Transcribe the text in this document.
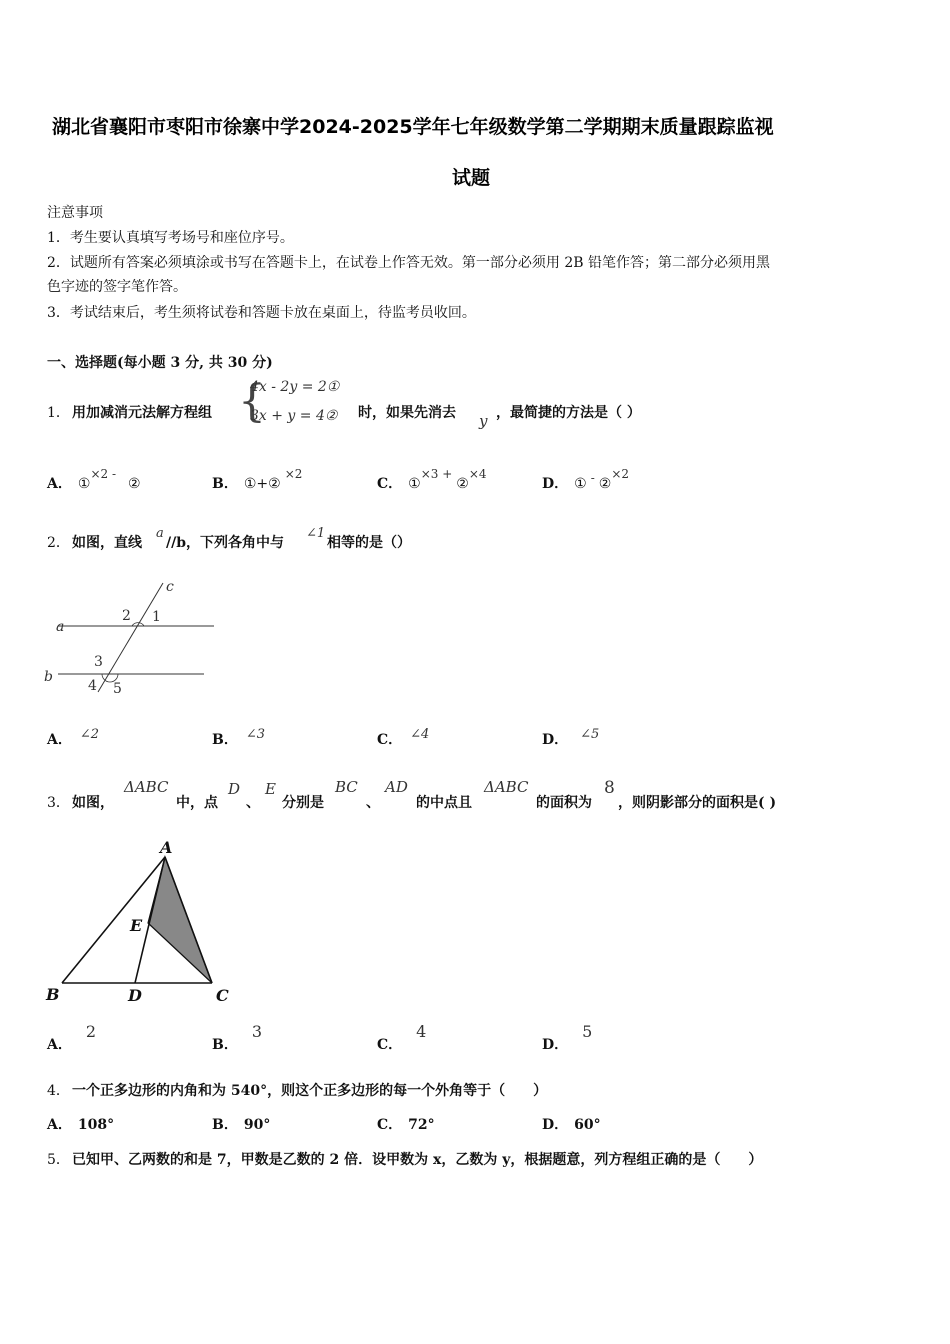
湖北省襄阳市枣阳市徐寨中学2024-2025学年七年级数学第二学期期末质量跟踪监视
试题
注意事项
1．考生要认真填写考场号和座位序号。
2．试题所有答案必须填涂或书写在答题卡上，在试卷上作答无效。第一部分必须用 2B 铅笔作答；第二部分必须用黑
色字迹的签字笔作答。
3．考试结束后，考生须将试卷和答题卡放在桌面上，待监考员收回。
一、选择题(每小题 3 分, 共 30 分)
1． 用加减消元法解方程组 {
4x - 2y = 2①
3x + y = 4② 时，如果先消去 y ，最简捷的方法是（ ）
A． ①×2 -②	B． ①+②×2
C． ①×3 +②×4
D． ① - ②×2
2． 如图，直线
a
//b，下列各角中与
∠1
相等的是（）
c
a
b
2 1
3
4 5
A． ∠2	B． ∠3	C． ∠4	D． ∠5
3． 如图，
ΔABC
中，点
D
、
E
分别是
BC
、
AD
的中点且
ΔABC
的面积为
8
，则阴影部分的面积是( )
A
B	C
D
E
A．2
B．3
C．4
D．5
4． 一个正多边形的内角和为 540°，则这个正多边形的每一个外角等于（　　）
A． 108°	B． 90°	C． 72°	D． 60°
5． 已知甲、乙两数的和是 7，甲数是乙数的 2 倍．设甲数为 x，乙数为 y，根据题意，列方程组正确的是（　　）
